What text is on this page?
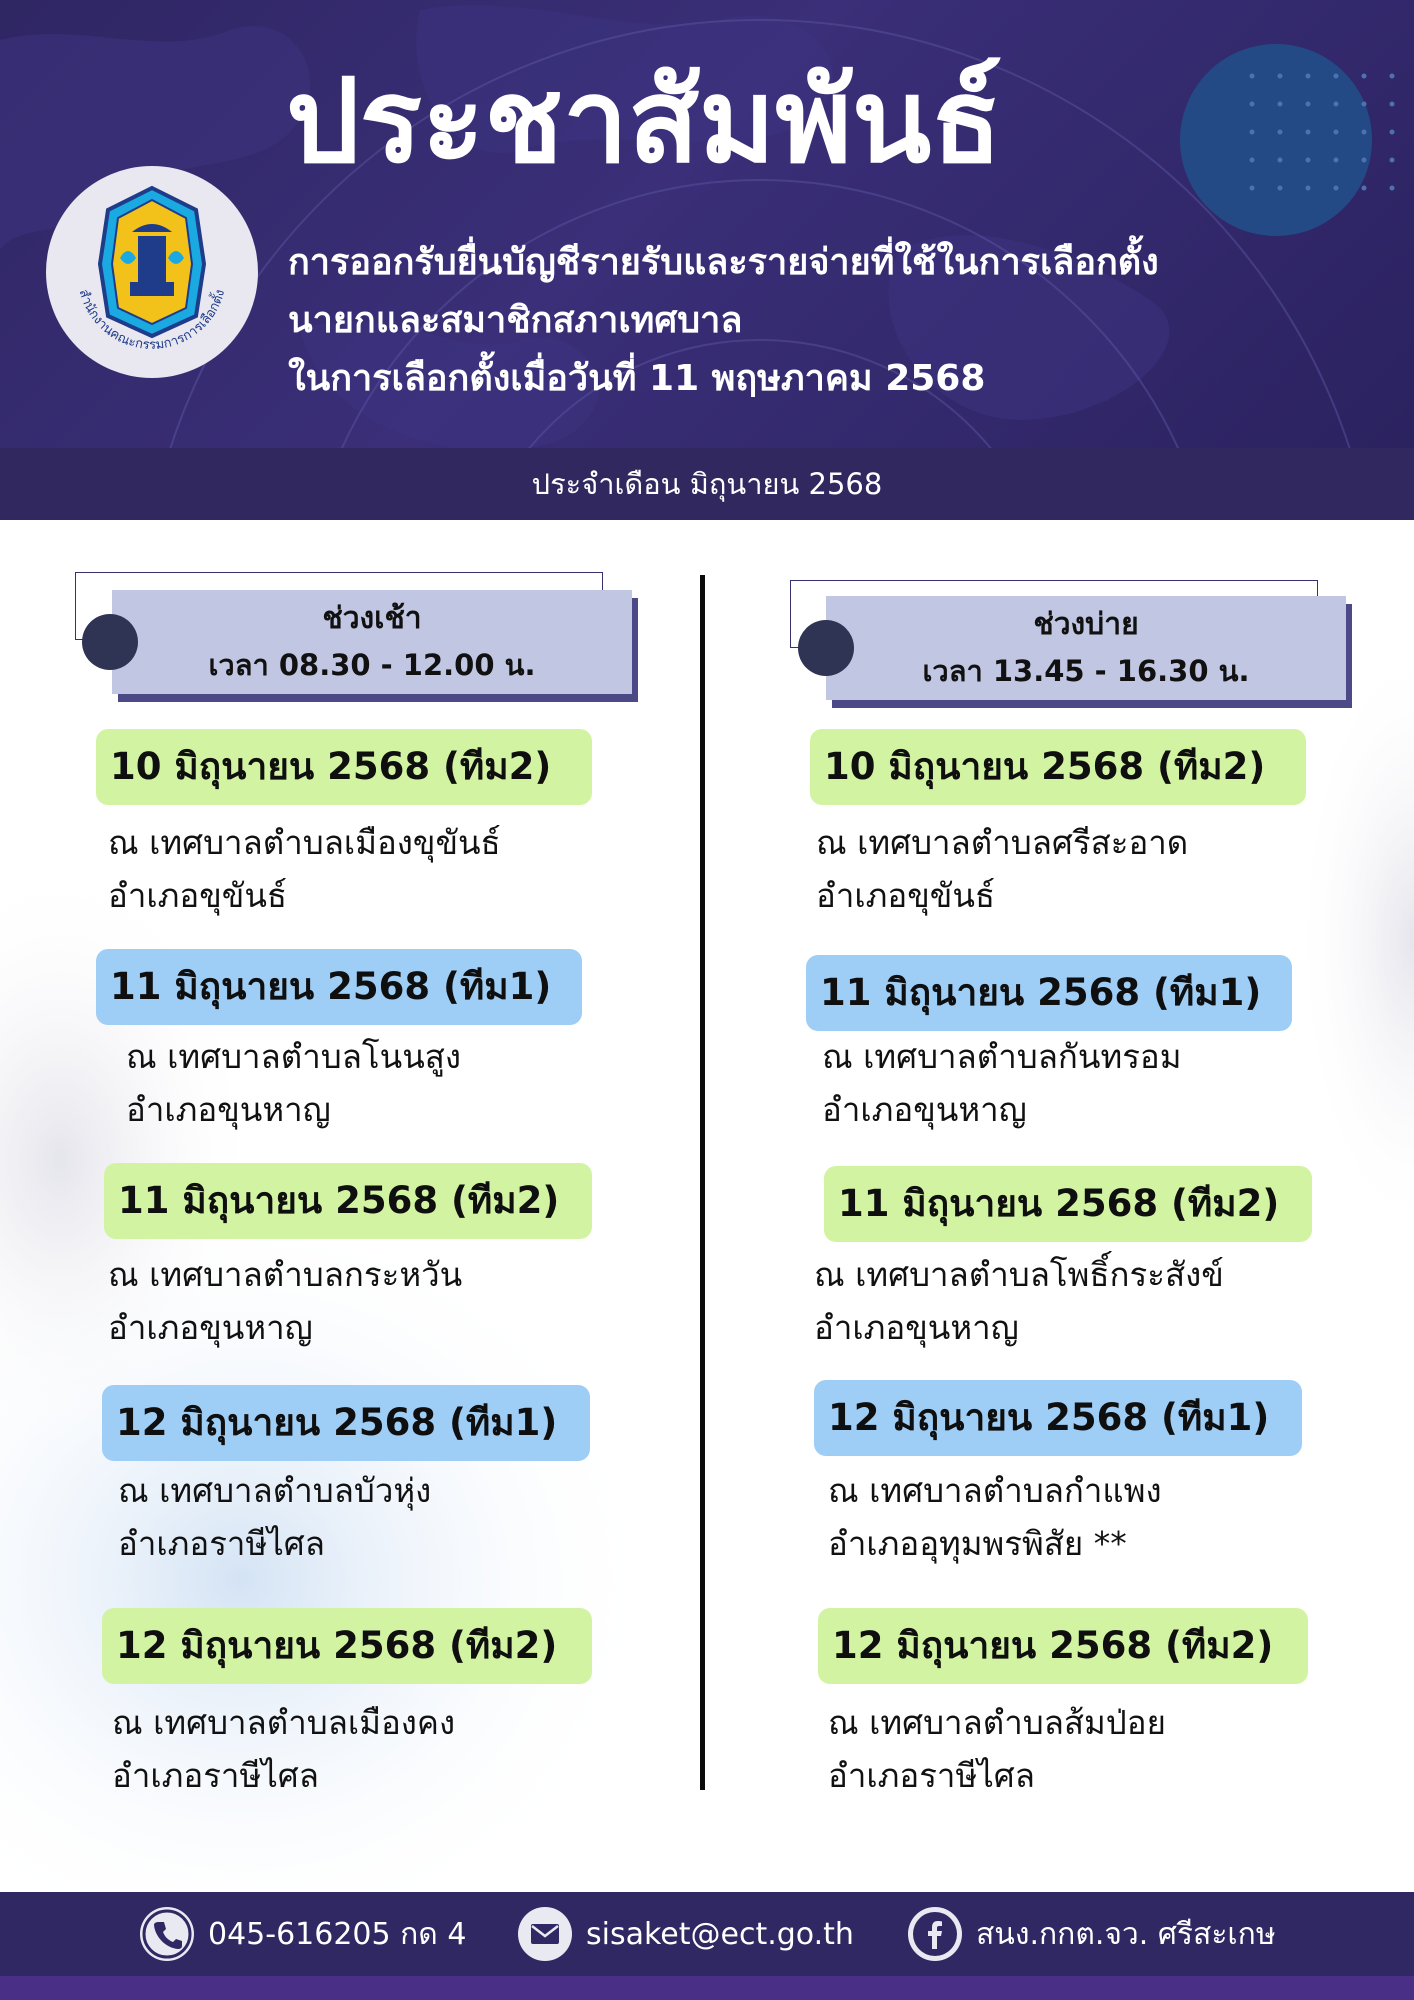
สำนักงานคณะกรรมการการเลือกตั้ง
ประชาสัมพันธ์
การออกรับยื่นบัญชีรายรับและรายจ่ายที่ใช้ในการเลือกตั้ง
นายกและสมาชิกสภาเทศบาล
ในการเลือกตั้งเมื่อวันที่ 11 พฤษภาคม 2568
ประจำเดือน มิถุนายน 2568
ช่วงเช้า
เวลา 08.30 - 12.00 น.
ช่วงบ่าย
เวลา 13.45 - 16.30 น.
10 มิถุนายน 2568 (ทีม2)
ณ เทศบาลตำบลเมืองขุขันธ์
อำเภอขุขันธ์
11 มิถุนายน 2568 (ทีม1)
ณ เทศบาลตำบลโนนสูง
อำเภอขุนหาญ
11 มิถุนายน 2568 (ทีม2)
ณ เทศบาลตำบลกระหวัน
อำเภอขุนหาญ
12 มิถุนายน 2568 (ทีม1)
ณ เทศบาลตำบลบัวหุ่ง
อำเภอราษีไศล
12 มิถุนายน 2568 (ทีม2)
ณ เทศบาลตำบลเมืองคง
อำเภอราษีไศล
10 มิถุนายน 2568 (ทีม2)
ณ เทศบาลตำบลศรีสะอาด
อำเภอขุขันธ์
11 มิถุนายน 2568 (ทีม1)
ณ เทศบาลตำบลกันทรอม
อำเภอขุนหาญ
11 มิถุนายน 2568 (ทีม2)
ณ เทศบาลตำบลโพธิ์กระสังข์
อำเภอขุนหาญ
12 มิถุนายน 2568 (ทีม1)
ณ เทศบาลตำบลกำแพง
อำเภออุทุมพรพิสัย **
12 มิถุนายน 2568 (ทีม2)
ณ เทศบาลตำบลส้มป่อย
อำเภอราษีไศล
045-616205 กด 4	sisaket@ect.go.th	สนง.กกต.จว. ศรีสะเกษ
